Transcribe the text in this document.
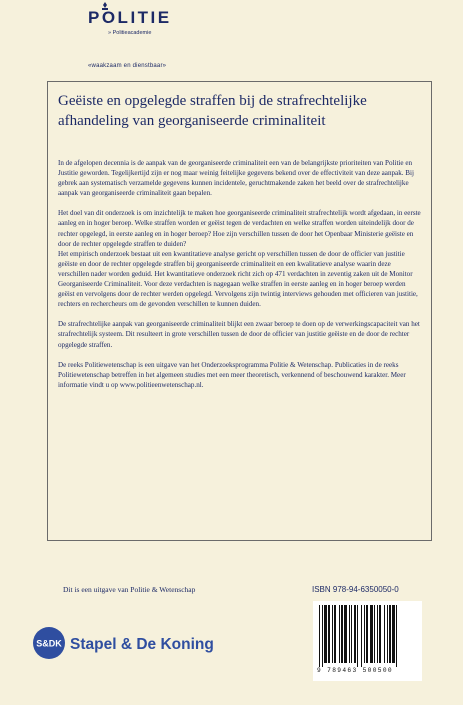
POLITIE
» Politieacademie
«waakzaam en dienstbaar»
Geëiste en opgelegde straffen bij de strafrechtelijke afhandeling van georganiseerde criminaliteit

In de afgelopen decennia is de aanpak van de georganiseerde criminaliteit een van de belangrijkste prioriteiten van Politie en Justitie geworden. Tegelijkertijd zijn er nog maar weinig feitelijke gegevens bekend over de effectiviteit van deze aanpak. Bij gebrek aan systematisch verzamelde gegevens kunnen incidentele, geruchtmakende zaken het beeld over de strafrechtelijke aanpak van georganiseerde criminaliteit gaan bepalen.

Het doel van dit onderzoek is om inzichtelijk te maken hoe georganiseerde criminaliteit strafrechtelijk wordt afgedaan, in eerste aanleg en in hoger beroep. Welke straffen worden er geëist tegen de verdachten en welke straffen worden uiteindelijk door de rechter opgelegd, in eerste aanleg en in hoger beroep? Hoe zijn verschillen tussen de door het Openbaar Ministerie geëiste en door de rechter opgelegde straffen te duiden?

Het empirisch onderzoek bestaat uit een kwantitatieve analyse gericht op verschillen tussen de door de officier van justitie geëiste en door de rechter opgelegde straffen bij georganiseerde criminaliteit en een kwalitatieve analyse waarin deze verschillen nader worden geduid. Het kwantitatieve onderzoek richt zich op 471 verdachten in zeventig zaken uit de Monitor Georganiseerde Criminaliteit. Voor deze verdachten is nagegaan welke straffen in eerste aanleg en in hoger beroep werden geëist en vervolgens door de rechter werden opgelegd. Vervolgens zijn twintig interviews gehouden met officieren van justitie, rechters en rechercheurs om de gevonden verschillen te kunnen duiden.

De strafrechtelijke aanpak van georganiseerde criminaliteit blijkt een zwaar beroep te doen op de verwerkingscapaciteit van het strafrechtelijk systeem. Dit resulteert in grote verschillen tussen de door de officier van justitie geëiste en de door de rechter opgelegde straffen.

De reeks Politiewetenschap is een uitgave van het Onderzoeksprogramma Politie & Wetenschap. Publicaties in de reeks Politiewetenschap betreffen in het algemeen studies met een meer theoretisch, verkennend of beschouwend karakter. Meer informatie vindt u op www.politieenwetenschap.nl.

Dit is een uitgave van Politie & Wetenschap	ISBN 978-94-6350050-0
S&DK Stapel & De Koning
9 789463 500500
